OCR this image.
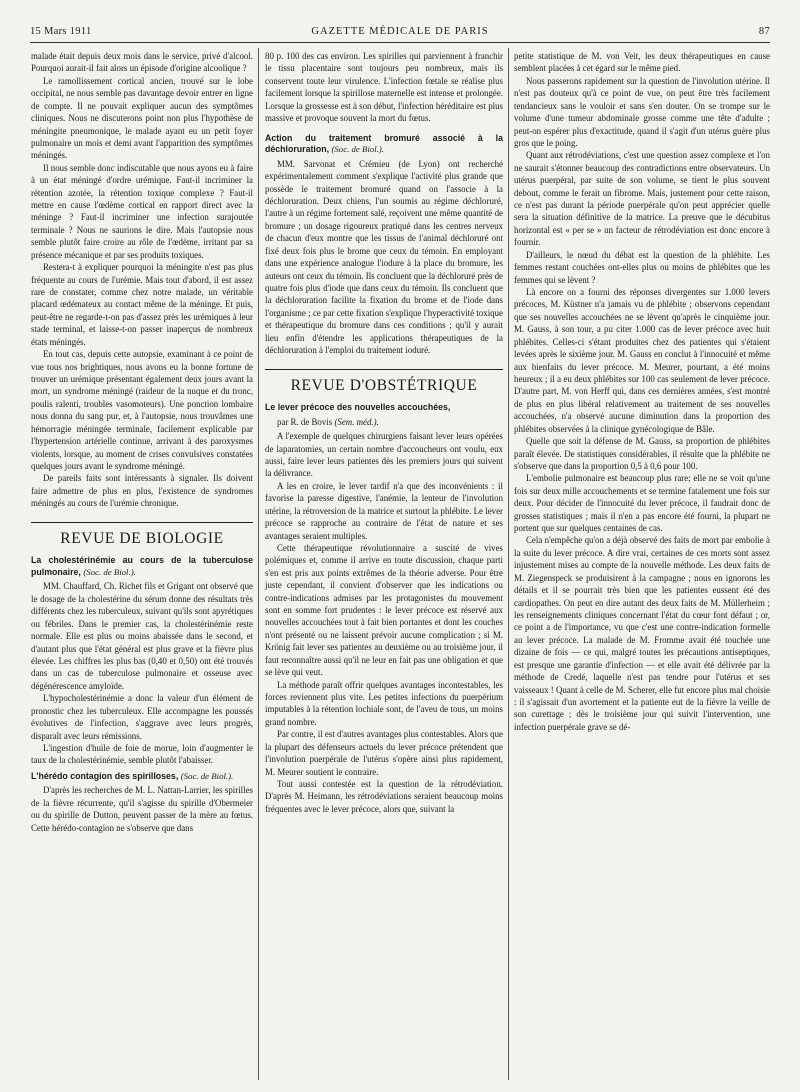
15 Mars 1911	GAZETTE MÉDICALE DE PARIS	87

malade était depuis deux mois dans le service, privé d'alcool. Pourquoi aurait-il fait alors un épisode d'origine alcoolique ?

Le ramollissement cortical ancien, trouvé sur le lobe occipital, ne nous semble pas davantage devoir entrer en ligne de compte. Il ne pouvait expliquer aucun des symptômes cliniques. Nous ne discuterons point non plus l'hypothèse de méningite pneumonique, le malade ayant eu un petit foyer pulmonaire un mois et demi avant l'apparition des symptômes méningés.

Il nous semble donc indiscutable que nous ayons eu à faire à un état méningé d'ordre urémique. Faut-il incriminer la rétention azotée, la rétention toxique complexe ? Faut-il mettre en cause l'œdème cortical en rapport direct avec la méninge ? Faut-il incriminer une infection surajoutée terminale ? Nous ne saurions le dire. Mais l'autopsie nous semble plutôt faire croire au rôle de l'œdème, irritant par sa présence mécanique et par ses produits toxiques.

Restera-t à expliquer pourquoi la méningite n'est pas plus fréquente au cours de l'urémie. Mais tout d'abord, il est assez rare de constater, comme chez notre malade, un véritable placard œdémateux au contact même de la méninge. Et puis, peut-être ne regarde-t-on pas d'assez près les urémiques à leur stade terminal, et laisse-t-on passer inaperçus de nombreux états méningés.

En tout cas, depuis cette autopsie, examinant à ce point de vue tous nos brightiques, nous avons eu la bonne fortune de trouver un urémique présentant également deux jours avant la mort, un syndrome méningé (raideur de la nuque et du tronc, poulis ralenti, troubles vasomoteurs). Une ponction lombaire nous donna du sang pur, et, à l'autopsie, nous trouvâmes une hémorragie méningée terminale, facilement explicable par l'hypertension artérielle continue, arrivant à des paroxysmes violents, lorsque, au moment de crises convulsives constatées quelques jours avant le syndrome méningé.

De pareils faits sont intéressants à signaler. Ils doivent faire admettre de plus en plus, l'existence de syndromes méningés au cours de l'urémie chronique.

REVUE DE BIOLOGIE
La cholestérinémie au cours de la tuberculose pulmonaire, (Soc. de Biol.).

MM. Chauffard, Ch. Richet fils et Grigant ont observé que le dosage de la cholestérine du sérum donne des résultats très différents chez les tuberculeux, suivant qu'ils sont apyrétiques ou fébriles. Dans le premier cas, la cholestérinémie reste normale. Elle est plus ou moins abaissée dans le second, et d'autant plus que l'état général est plus grave et la fièvre plus élevée. Les chiffres les plus bas (0,40 et 0,50) ont été trouvés dans un cas de tuberculose pulmonaire et osseuse avec dégénérescence amyloïde.

L'hypocholestérinémie a donc la valeur d'un élément de pronostic chez les tuberculeux. Elle accompagne les poussés évolutives de l'infection, s'aggrave avec leurs progrès, disparaît avec leurs rémissions.

L'ingestion d'huile de foie de morue, loin d'augmenter le taux de la cholestérinémie, semble plutôt l'abaisser.

L'hérédo contagion des spirilloses, (Soc. de Biol.).

D'après les recherches de M. L. Nattan-Larrier, les spirilles de la fièvre récurrente, qu'il s'agisse du spirille d'Obermeier ou du spirille de Dutton, peuvent passer de la mère au fœtus. Cette hérédo-contagion ne s'observe que dans

80 p. 100 des cas environ. Les spirilles qui parviennent à franchir le tissu placentaire sont toujours peu nombreux, mais ils conservent toute leur virulence. L'infection fœtale se réalise plus facilement lorsque la spirillose maternelle est intense et prolongée. Lorsque la grossesse est à son début, l'infection héréditaire est plus massive et provoque souvent la mort du fœtus.

Action du traitement bromuré associé à la déchloruration, (Soc. de Biol.).

MM. Sarvonat et Crémieu (de Lyon) ont recherché expérimentalement comment s'explique l'activité plus grande que possède le traitement bromuré quand on l'associe à la déchloruration. Deux chiens, l'un soumis au régime déchloruré, l'autre à un régime fortement salé, reçoivent une même quantité de bromure ; un dosage rigoureux pratiqué dans les centres nerveux de chacun d'eux montre que les tissus de l'animal déchloruré ont fixé deux fois plus le brome que ceux du témoin. En employant dans une expérience analogue l'iodure à la place du bromure, les auteurs ont ceux du témoin. Ils concluent que la déchloruré près de quatre fois plus d'iode que dans ceux du témoin. Ils concluent que la déchloruration facilite la fixation du brome et de l'iode dans l'organisme ; ce par cette fixation s'explique l'hyperactivité toxique et thérapeutique du bromure dans ces conditions ; qu'il y aurait lieu enfin d'étendre les applications thérapeutiques de la déchloruration à l'emploi du traitement ioduré.

REVUE D'OBSTÉTRIQUE
Le lever précoce des nouvelles accouchées,
par R. de Bovis (Sem. méd.).

A l'exemple de quelques chirurgiens faisant lever leurs opérées de laparatomies, un certain nombre d'accoucheurs ont voulu, eux aussi, faire lever leurs patientes dès les premiers jours qui suivent la délivrance.

A les en croire, le lever tardif n'a que des inconvénients : il favorise la paresse digestive, l'anémie, la lenteur de l'involution utérine, la rétroversion de la matrice et surtout la phlébite. Le lever précoce se rapproche au contraire de l'état de nature et ses avantages seraient multiples.

Cette thérapeutique révolutionnaire a suscité de vives polémiques et, comme il arrive en toute discussion, chaque parti s'en est pris aux points extrêmes de la théorie adverse. Pour être juste cependant, il convient d'observer que les indications ou contre-indications admises par les protagonistes du mouvement sont en somme fort prudentes : le lever précoce est réservé aux nouvelles accouchées tout à fait bien portantes et dont les couches n'ont présenté ou ne laissent prévoir aucune complication ; si M. Krönig fait lever ses patientes au deuxième ou au troisième jour, il faut reconnaître aussi qu'il ne leur en fait pas une obligation et que se lève qui veut.

La méthode paraît offrir quelques avantages incontestables, les forces reviennent plus vite. Les petites infections du puerpérium imputables à la rétention lochiale sont, de l'aveu de tous, un moins grand nombre.

Par contre, il est d'autres avantages plus contestables. Alors que la plupart des défenseurs actuels du lever précoce prétendent que l'involution puerpérale de l'utérus s'opère ainsi plus rapidement, M. Meurer soutient le contraire.

Tout aussi contestée est la question de la rétrodéviation. D'après M. Heimann, les rétrodéviations seraient beaucoup moins fréquentes avec le lever précoce, alors que, suivant la

petite statistique de M. von Veit, les deux thérapeutiques en cause semblent placées à cet égard sur le même pied.

Nous passerons rapidement sur la question de l'involution utérine. Il n'est pas douteux qu'à ce point de vue, on peut être très facilement tendancieux sans le vouloir et sans s'en douter. On se trompe sur le volume d'une tumeur abdominale grosse comme une tête d'adulte ; peut-on espérer plus d'exactitude, quand il s'agit d'un utérus guère plus gros que le poing.

Quant aux rétrodéviations, c'est une question assez complexe et l'on ne saurait s'étonner beaucoup des contradictions entre observateurs. Un utérus puerpéral, par suite de son volume, se tient le plus souvent debout, comme le ferait un fibrome. Mais, justement pour cette raison, ce n'est pas durant la période puerpérale qu'on peut apprécier quelle sera la situation définitive de la matrice. La preuve que le décubitus horizontal est « per se » un facteur de rétrodéviation est donc encore à fournir.

D'ailleurs, le nœud du débat est la question de la phlébite. Les femmes restant couchées ont-elles plus ou moins de phlébites que les femmes qui se lèvent ?

Là encore on a fourni des réponses divergentes sur 1.000 levers précoces, M. Küstner n'a jamais vu de phlébite ; observons cependant que ses nouvelles accouchées ne se lèvent qu'après le cinquième jour. M. Gauss, à son tour, a pu citer 1.000 cas de lever précoce avec huit phlébites. Celles-ci s'étant produites chez des patientes qui s'étaient levées après le sixième jour. M. Gauss en conclut à l'innocuité et même aux bienfaits du lever précoce. M. Meurer, pourtant, a été moins heureux ; il a eu deux phlébites sur 100 cas seulement de lever précoce. D'autre part, M. von Herff qui, dans ces dernières années, s'est montré de plus en plus libéral relativement au traitement de ses nouvelles accouchées, n'a observé aucune diminution dans la proportion des phlébites observées à la clinique gynécologique de Bâle.

Quelle que soit la défense de M. Gauss, sa proportion de phlébites paraît élevée. De statistiques considérables, il résulte que la phlébite ne s'observe que dans la proportion 0,5 à 0,6 pour 100.

L'embolie pulmonaire est beaucoup plus rare; elle ne se voit qu'une fois sur deux mille accouchements et se termine fatalement une fois sur deux. Pour décider de l'innocuité du lever précoce, il faudrait donc de grosses statistiques ; mais il n'en a pas encore été fourni, la plupart ne portent que sur quelques centaines de cas.

Cela n'empêche qu'on a déjà observé des faits de mort par embolie à la suite du lever précoce. A dire vrai, certaines de ces morts sont assez injustement mises au compte de la nouvelle méthode. Les deux faits de M. Ziegenspeck se produisirent à la campagne ; nous en ignorons les détails et il se pourrait très bien que les patientes eussent été des cardiopathes. On peut en dire autant des deux faits de M. Müllerheim ; les renseignements cliniques concernant l'état du cœur font défaut ; or, ce point a de l'importance, vu que c'est une contre-indication formelle au lever précoce. La malade de M. Fromme avait été touchée une dizaine de fois — ce qui, malgré toutes les précautions antiseptiques, est presque une garantie d'infection — et elle avait été délivrée par la méthode de Credé, laquelle n'est pas tendre pour l'utérus et ses vaisseaux ! Quant à celle de M. Scherer, elle fut encore plus mal choisie : il s'agissait d'un avortement et la patiente eut de la fièvre la veille de son curettage ; dès le troisième jour qui suivit l'intervention, une infection puerpérale grave se dé-
